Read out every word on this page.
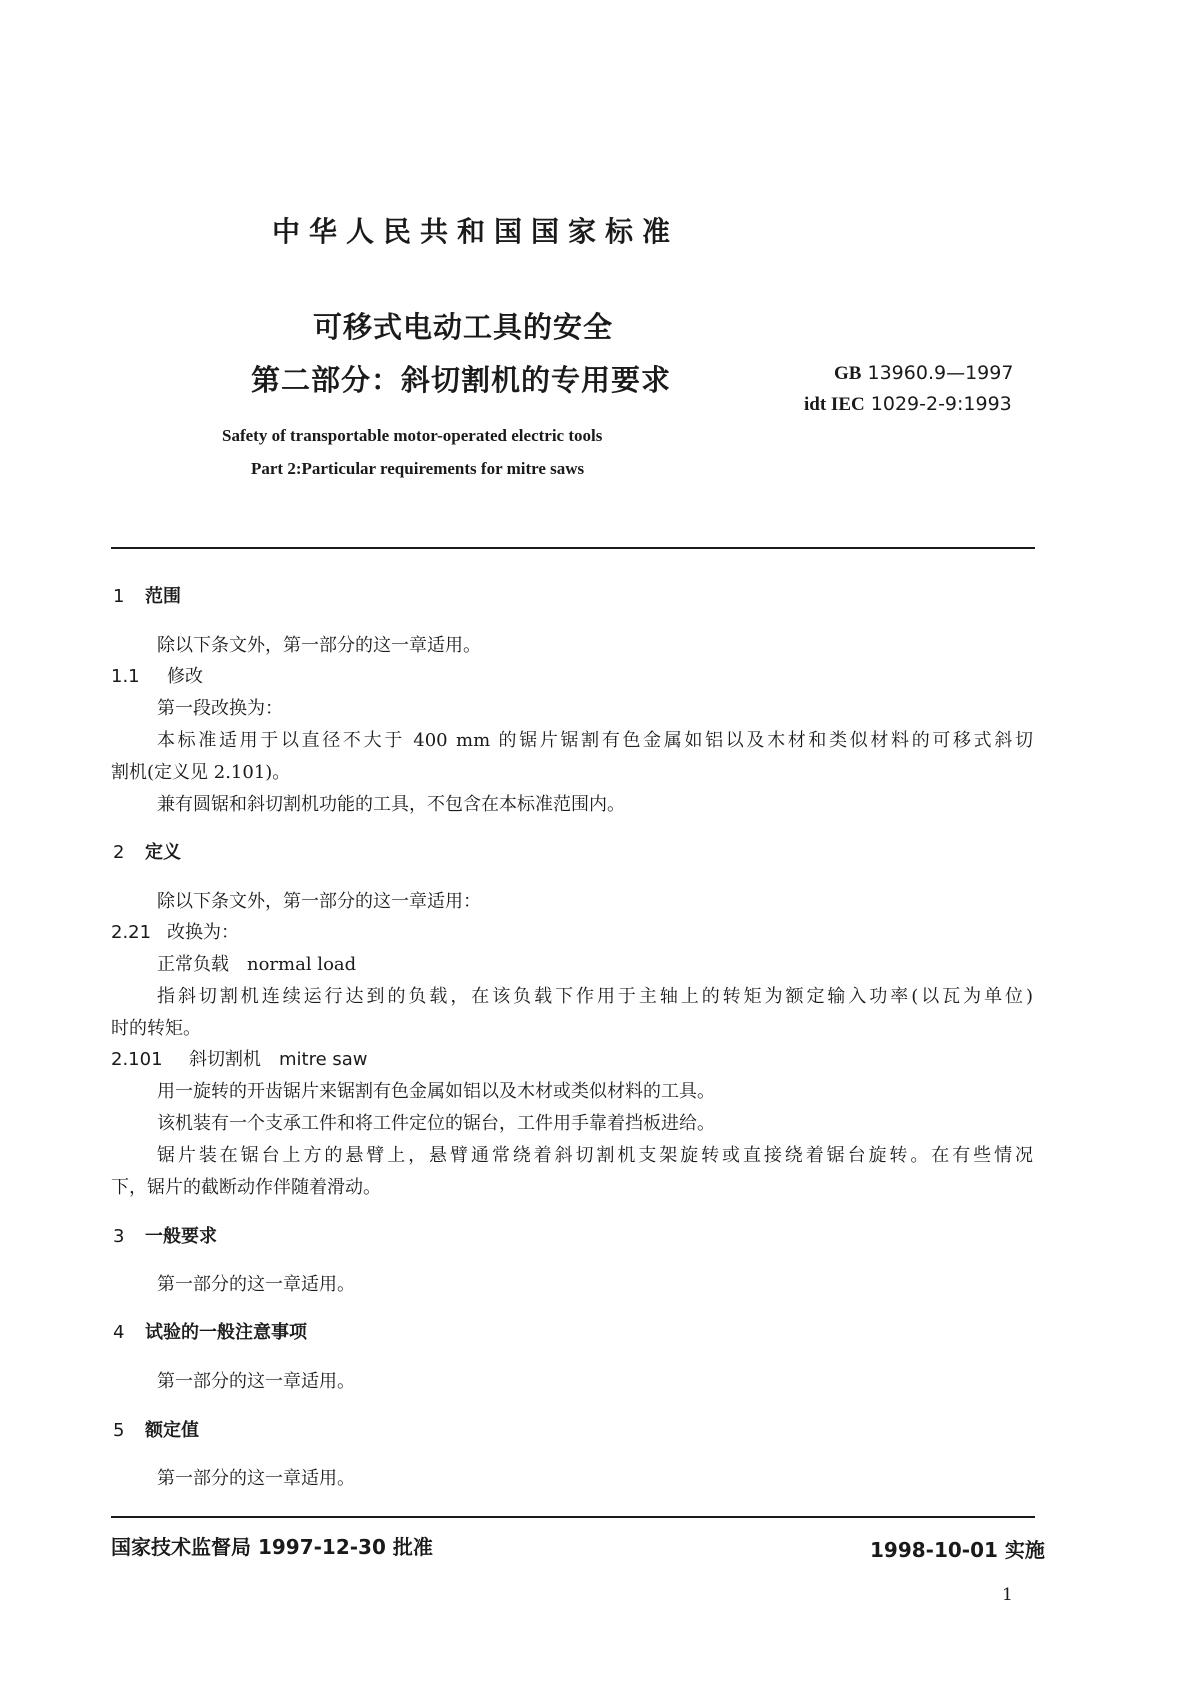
中华人民共和国国家标准
可移式电动工具的安全
第二部分：斜切割机的专用要求	GB 13960.9—1997
idt IEC 1029-2-9:1993
Safety of transportable motor-operated electric tools
Part 2:Particular requirements for mitre saws
1 范围
除以下条文外，第一部分的这一章适用。
1.1 修改
第一段改换为：
本标准适用于以直径不大于 400 mm 的锯片锯割有色金属如铝以及木材和类似材料的可移式斜切
割机(定义见 2.101)。
兼有圆锯和斜切割机功能的工具，不包含在本标准范围内。
2 定义
除以下条文外，第一部分的这一章适用：
2.21 改换为：
正常负载　normal load
指斜切割机连续运行达到的负载，在该负载下作用于主轴上的转矩为额定输入功率(以瓦为单位)
时的转矩。
2.101 斜切割机　mitre saw
用一旋转的开齿锯片来锯割有色金属如铝以及木材或类似材料的工具。
该机装有一个支承工件和将工件定位的锯台，工件用手靠着挡板进给。
锯片装在锯台上方的悬臂上，悬臂通常绕着斜切割机支架旋转或直接绕着锯台旋转。在有些情况
下，锯片的截断动作伴随着滑动。
3 一般要求
第一部分的这一章适用。
4 试验的一般注意事项
第一部分的这一章适用。
5 额定值
第一部分的这一章适用。
国家技术监督局 1997-12-30 批准	1998-10-01 实施
1
